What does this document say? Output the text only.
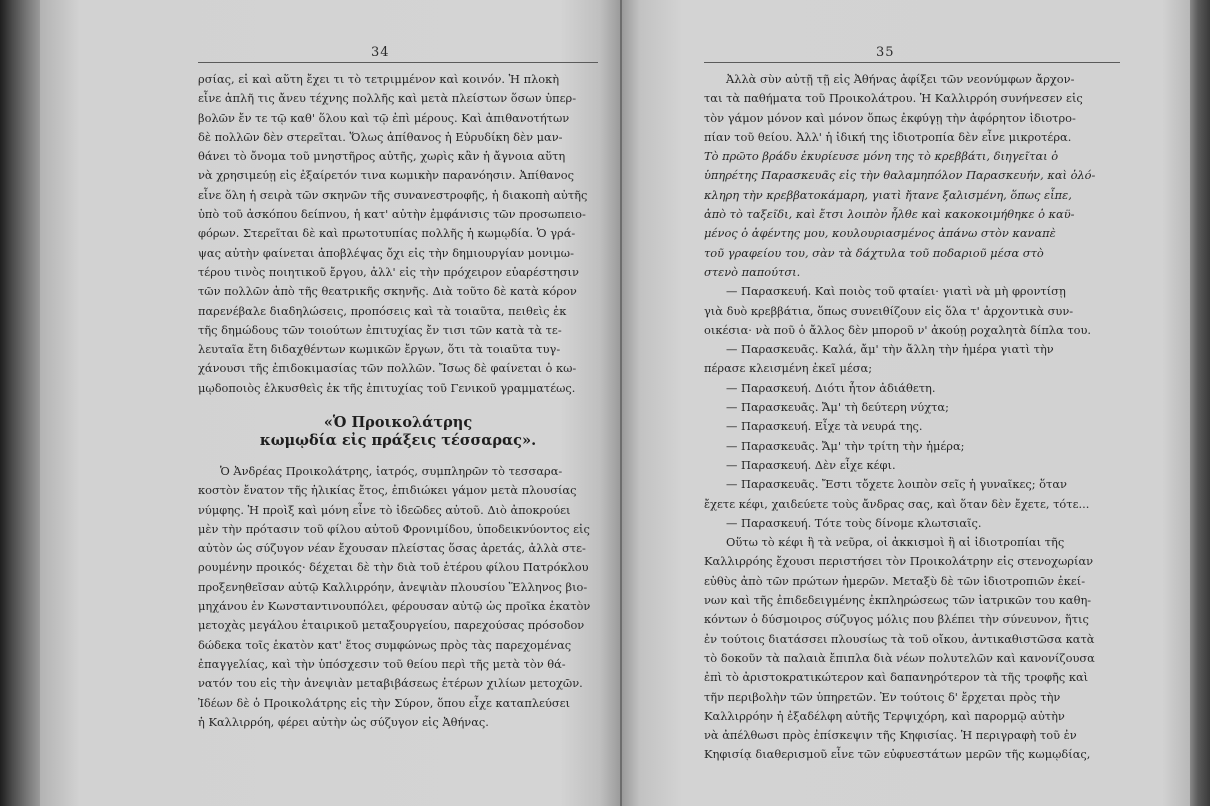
34
ρσίας, εἰ καὶ αὕτη ἔχει τι τὸ τετριμμένον καὶ κοινόν. Ἡ πλοκὴ
εἶνε ἁπλῆ τις ἄνευ τέχνης πολλῆς καὶ μετὰ πλείστων ὅσων ὑπερ-
βολῶν ἔν τε τῷ καθ' ὅλου καὶ τῷ ἐπὶ μέρους. Καὶ ἀπιθανοτήτων
δὲ πολλῶν δὲν στερεῖται. Ὅλως ἀπίθανος ἡ Εὐρυδίκη δὲν μαν-
θάνει τὸ ὄνομα τοῦ μνηστῆρος αὐτῆς, χωρὶς κἂν ἡ ἄγνοια αὕτη
νὰ χρησιμεύῃ εἰς ἐξαίρετόν τινα κωμικὴν παρανόησιν. Ἀπίθανος
εἶνε ὅλη ἡ σειρὰ τῶν σκηνῶν τῆς συνανεστροφῆς, ἡ διακοπὴ αὐτῆς
ὑπὸ τοῦ ἀσκόπου δείπνου, ἡ κατ' αὐτὴν ἐμφάνισις τῶν προσωπειο-
φόρων. Στερεῖται δὲ καὶ πρωτοτυπίας πολλῆς ἡ κωμῳδία. Ὁ γρά-
ψας αὐτὴν φαίνεται ἀποβλέψας ὄχι εἰς τὴν δημιουργίαν μονιμω-
τέρου τινὸς ποιητικοῦ ἔργου, ἀλλ' εἰς τὴν πρόχειρον εὐαρέστησιν
τῶν πολλῶν ἀπὸ τῆς θεατρικῆς σκηνῆς. Διὰ τοῦτο δὲ κατὰ κόρον
παρενέβαλε διαδηλώσεις, προπόσεις καὶ τὰ τοιαῦτα, πειθεὶς ἐκ
τῆς δημώδους τῶν τοιούτων ἐπιτυχίας ἔν τισι τῶν κατὰ τὰ τε-
λευταῖα ἔτη διδαχθέντων κωμικῶν ἔργων, ὅτι τὰ τοιαῦτα τυγ-
χάνουσι τῆς ἐπιδοκιμασίας τῶν πολλῶν. Ἴσως δὲ φαίνεται ὁ κω-
μῳδοποιὸς ἑλκυσθεὶς ἐκ τῆς ἐπιτυχίας τοῦ Γενικοῦ γραμματέως.
«Ὁ Προικολάτρης
κωμῳδία εἰς πράξεις τέσσαρας».
Ὁ Ἀνδρέας Προικολάτρης, ἰατρός, συμπληρῶν τὸ τεσσαρα-
κοστὸν ἔνατον τῆς ἡλικίας ἔτος, ἐπιδιώκει γάμον μετὰ πλουσίας
νύμφης. Ἡ προὶξ καὶ μόνη εἶνε τὸ ἰδεῶδες αὐτοῦ. Διὸ ἀποκρούει
μὲν τὴν πρότασιν τοῦ φίλου αὐτοῦ Φρονιμίδου, ὑποδεικνύοντος εἰς
αὐτὸν ὡς σύζυγον νέαν ἔχουσαν πλείστας ὅσας ἀρετάς, ἀλλὰ στε-
ρουμένην προικός· δέχεται δὲ τὴν διὰ τοῦ ἑτέρου φίλου Πατρόκλου
προξενηθεῖσαν αὐτῷ Καλλιρρόην, ἀνεψιὰν πλουσίου Ἕλληνος βιο-
μηχάνου ἐν Κωνσταντινουπόλει, φέρουσαν αὐτῷ ὡς προῖκα ἑκατὸν
μετοχὰς μεγάλου ἑταιρικοῦ μεταξουργείου, παρεχούσας πρόσοδον
δώδεκα τοῖς ἑκατὸν κατ' ἔτος συμφώνως πρὸς τὰς παρεχομένας
ἐπαγγελίας, καὶ τὴν ὑπόσχεσιν τοῦ θείου περὶ τῆς μετὰ τὸν θά-
νατόν του εἰς τὴν ἀνεψιὰν μεταβιβάσεως ἑτέρων χιλίων μετοχῶν.
Ἰδέων δὲ ὁ Προικολάτρης εἰς τὴν Σύρον, ὅπου εἶχε καταπλεύσει
ἡ Καλλιρρόη, φέρει αὐτὴν ὡς σύζυγον εἰς Ἀθήνας.
35
Ἀλλὰ σὺν αὐτῇ τῇ εἰς Ἀθήνας ἀφίξει τῶν νεονύμφων ἄρχον-
ται τὰ παθήματα τοῦ Προικολάτρου. Ἡ Καλλιρρόη συνήνεσεν εἰς
τὸν γάμον μόνον καὶ μόνον ὅπως ἐκφύγῃ τὴν ἀφόρητον ἰδιοτρο-
πίαν τοῦ θείου. Ἀλλ' ἡ ἰδική της ἰδιοτροπία δὲν εἶνε μικροτέρα.
Τὸ πρῶτο βράδυ ἐκυρίευσε μόνη της τὸ κρεββάτι, διηγεῖται ὁ
ὑπηρέτης Παρασκευᾶς εἰς τὴν θαλαμηπόλον Παρασκευήν, καὶ ὁλό-
κληρη τὴν κρεββατοκάμαρη, γιατὶ ἤτανε ξαλισμένη, ὅπως εἶπε,
ἀπὸ τὸ ταξεῖδι, καὶ ἔτσι λοιπὸν ἦλθε καὶ κακοκοιμήθηκε ὁ καϋ-
μένος ὁ ἀφέντης μου, κουλουριασμένος ἀπάνω στὸν καναπὲ
τοῦ γραφείου του, σὰν τὰ δάχτυλα τοῦ ποδαριοῦ μέσα στὸ
στενὸ παπούτσι.
— Παρασκευή. Καὶ ποιὸς τοῦ φταίει· γιατὶ νὰ μὴ φροντίσῃ
γιὰ δυὸ κρεββάτια, ὅπως συνειθίζουν εἰς ὅλα τ' ἀρχοντικὰ συν-
οικέσια· νὰ ποῦ ὁ ἄλλος δὲν μποροῦ ν' ἀκούῃ ροχαλητὰ δίπλα του.
— Παρασκευᾶς. Καλά, ἄμ' τὴν ἄλλη τὴν ἡμέρα γιατὶ τὴν
πέρασε κλεισμένη ἐκεῖ μέσα;
— Παρασκευή. Διότι ἦτον ἀδιάθετη.
— Παρασκευᾶς. Ἄμ' τὴ δεύτερη νύχτα;
— Παρασκευή. Εἶχε τὰ νευρά της.
— Παρασκευᾶς. Ἄμ' τὴν τρίτη τὴν ἡμέρα;
— Παρασκευή. Δὲν εἶχε κέφι.
— Παρασκευᾶς. Ἔστι τὄχετε λοιπὸν σεῖς ἡ γυναῖκες; ὅταν
ἔχετε κέφι, χαιδεύετε τοὺς ἄνδρας σας, καὶ ὅταν δὲν ἔχετε, τότε...
— Παρασκευή. Τότε τοὺς δίνομε κλωτσιαῖς.
Οὕτω τὸ κέφι ἢ τὰ νεῦρα, οἱ ἀκκισμοὶ ἢ αἱ ἰδιοτροπίαι τῆς
Καλλιρρόης ἔχουσι περιστήσει τὸν Προικολάτρην εἰς στενοχωρίαν
εὐθὺς ἀπὸ τῶν πρώτων ἡμερῶν. Μεταξὺ δὲ τῶν ἰδιοτροπιῶν ἐκεί-
νων καὶ τῆς ἐπιδεδειγμένης ἐκπληρώσεως τῶν ἰατρικῶν του καθη-
κόντων ὁ δύσμοιρος σύζυγος μόλις που βλέπει τὴν σύνευνον, ἥτις
ἐν τούτοις διατάσσει πλουσίως τὰ τοῦ οἴκου, ἀντικαθιστῶσα κατὰ
τὸ δοκοῦν τὰ παλαιὰ ἔπιπλα διὰ νέων πολυτελῶν καὶ κανονίζουσα
ἐπὶ τὸ ἀριστοκρατικώτερον καὶ δαπανηρότερον τὰ τῆς τροφῆς καὶ
τῆν περιβολὴν τῶν ὑπηρετῶν. Ἐν τούτοις δ' ἔρχεται πρὸς τὴν
Καλλιρρόην ἡ ἐξαδέλφη αὐτῆς Τερψιχόρη, καὶ παρορμῷ αὐτὴν
νὰ ἀπέλθωσι πρὸς ἐπίσκεψιν τῆς Κηφισίας. Ἡ περιγραφὴ τοῦ ἐν
Κηφισίᾳ διαθερισμοῦ εἶνε τῶν εὐφυεστάτων μερῶν τῆς κωμῳδίας,
